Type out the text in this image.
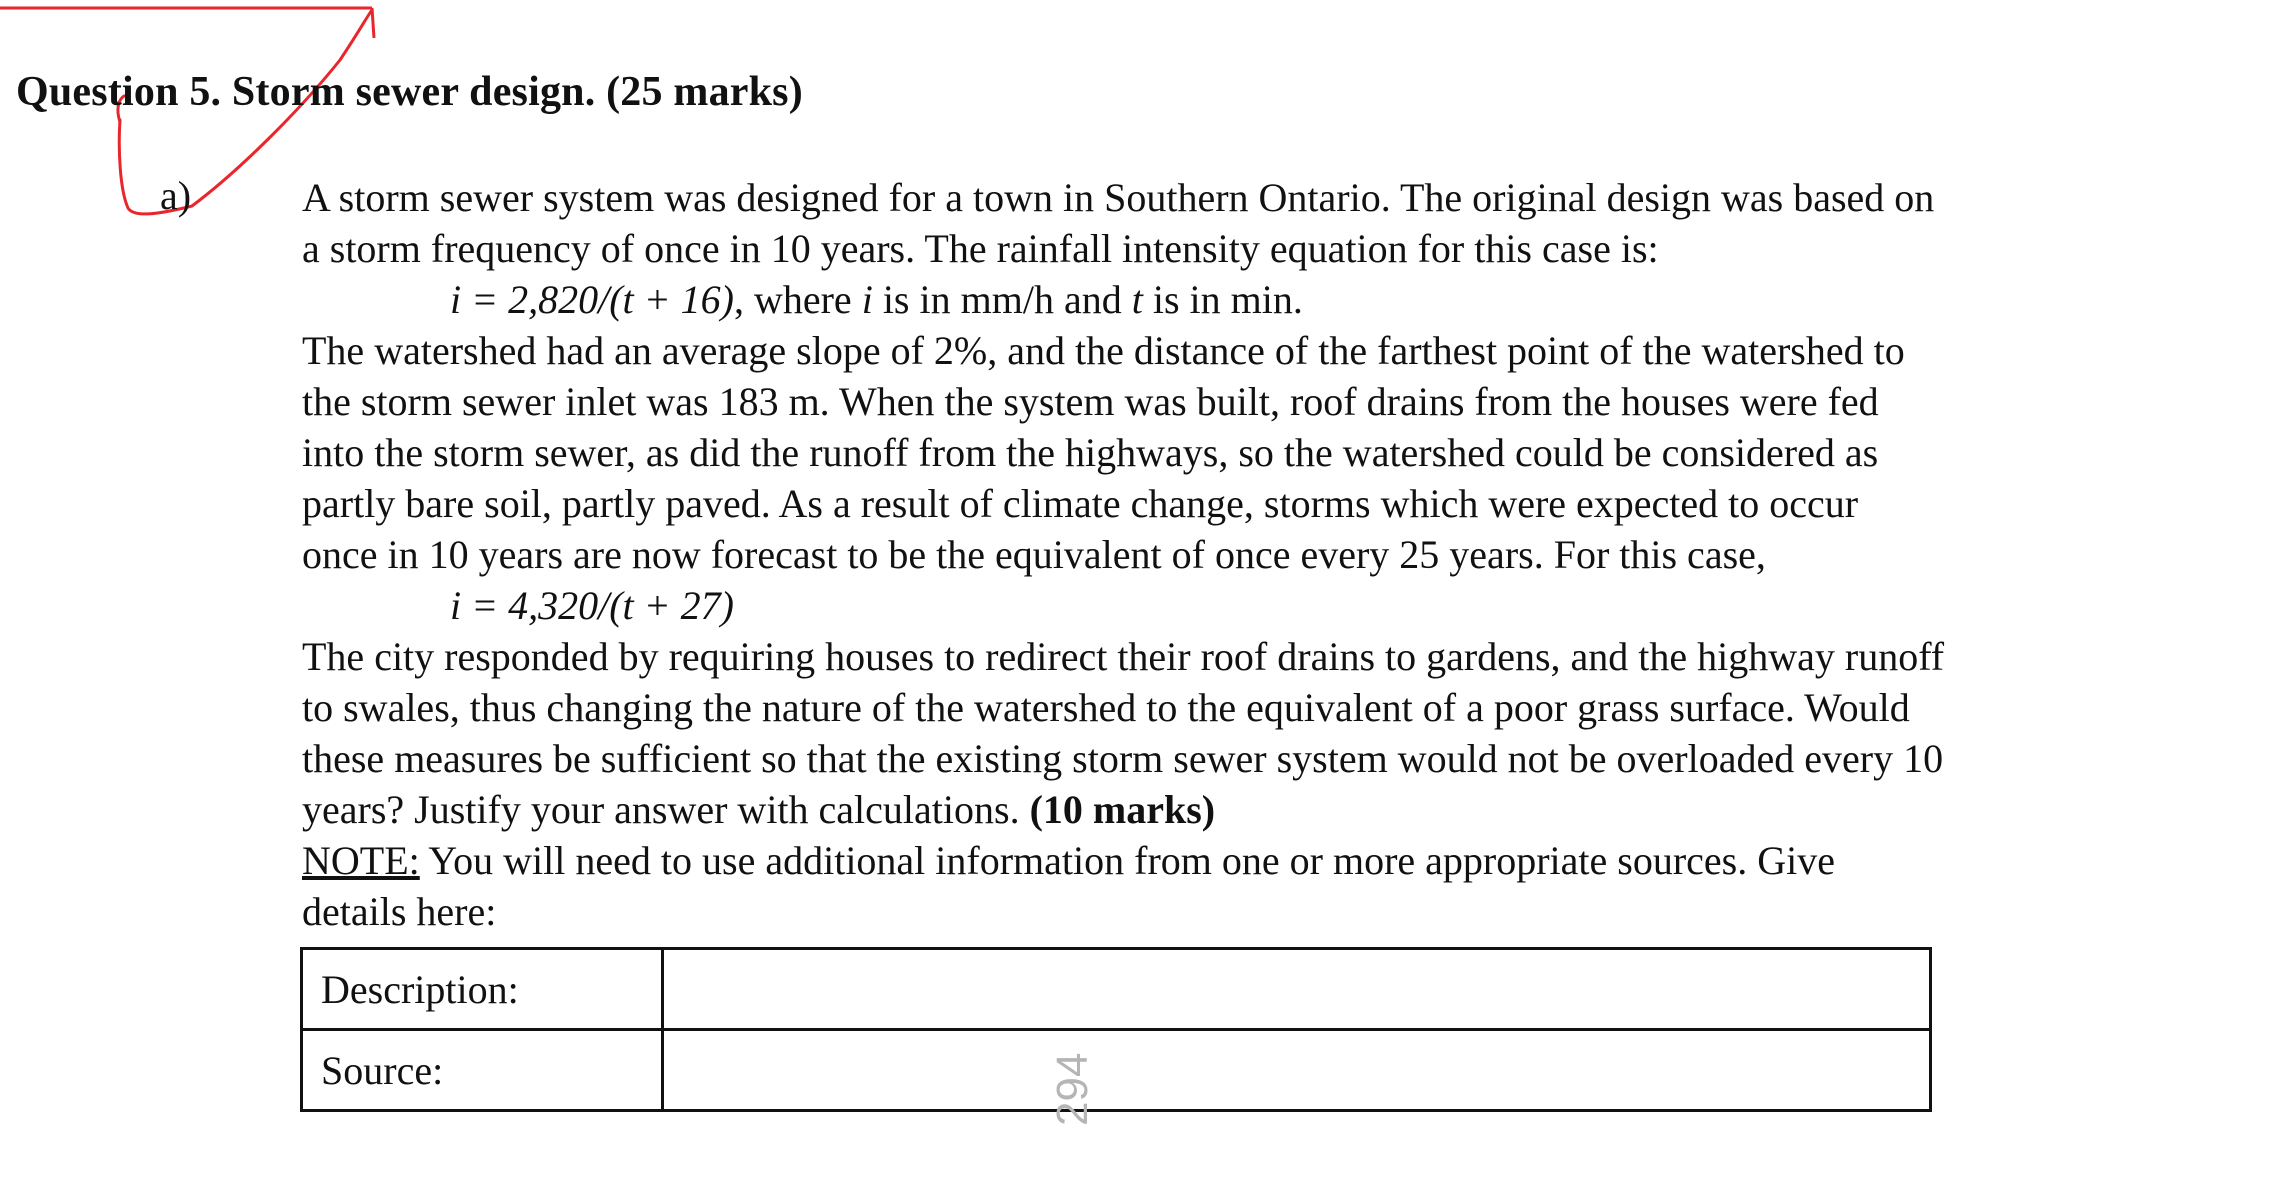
Question 5. Storm sewer design. (25 marks)
a)	A storm sewer system was designed for a town in Southern Ontario. The original design was based on
a storm frequency of once in 10 years. The rainfall intensity equation for this case is:
i = 2,820/(t + 16), where i is in mm/h and t is in min.
The watershed had an average slope of 2%, and the distance of the farthest point of the watershed to
the storm sewer inlet was 183 m. When the system was built, roof drains from the houses were fed
into the storm sewer, as did the runoff from the highways, so the watershed could be considered as
partly bare soil, partly paved. As a result of climate change, storms which were expected to occur
once in 10 years are now forecast to be the equivalent of once every 25 years. For this case,
i = 4,320/(t + 27)
The city responded by requiring houses to redirect their roof drains to gardens, and the highway runoff
to swales, thus changing the nature of the watershed to the equivalent of a poor grass surface. Would
these measures be sufficient so that the existing storm sewer system would not be overloaded every 10
years? Justify your answer with calculations. (10 marks)
NOTE: You will need to use additional information from one or more appropriate sources. Give
details here:
Description:	
Source:		294
